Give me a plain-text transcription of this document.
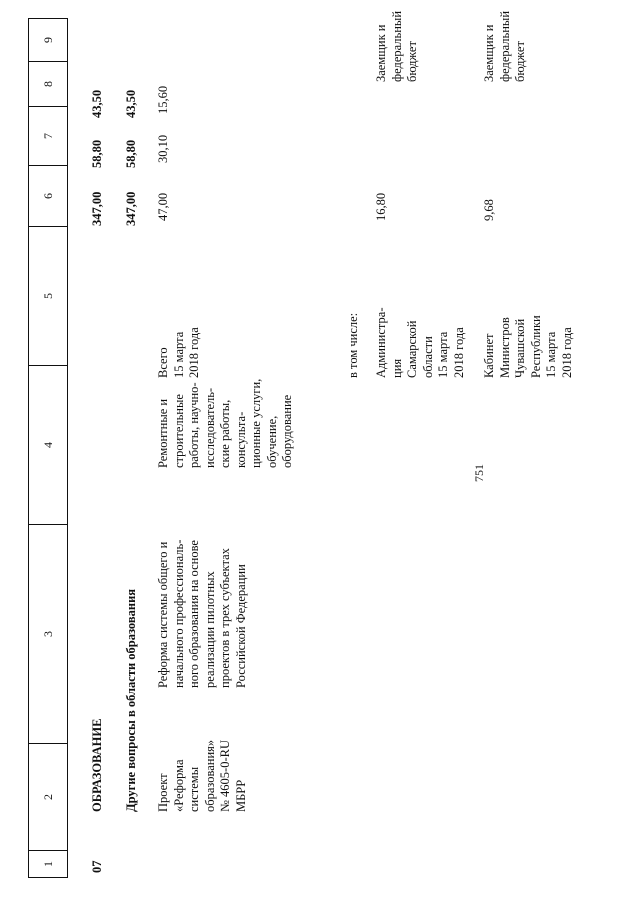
751
1
2
3
4
5
6
7
8
9
07
ОБРАЗОВАНИЕ
347,00
58,80
43,50
Другие вопросы в области образования
347,00
58,80
43,50
Проект «Реформа системы образования» № 4605-0-RU МБРР
Реформа системы общего и начального профессиональ- ного образования на основе реализации пилотных проектов в трех субъектах Российской Федерации
Ремонтные и строительные работы, научно- исследователь- ские работы, консульта- ционные услуги, обучение, оборудование
Всего 15 марта 2018 года
47,00
30,10
15,60
в том числе: Администра- ция Самарской области 15 марта 2018 года
16,80
Заемщик и федеральный бюджет
Кабинет Министров Чувашской Республики 15 марта 2018 года
9,68
Заемщик и федеральный бюджет
